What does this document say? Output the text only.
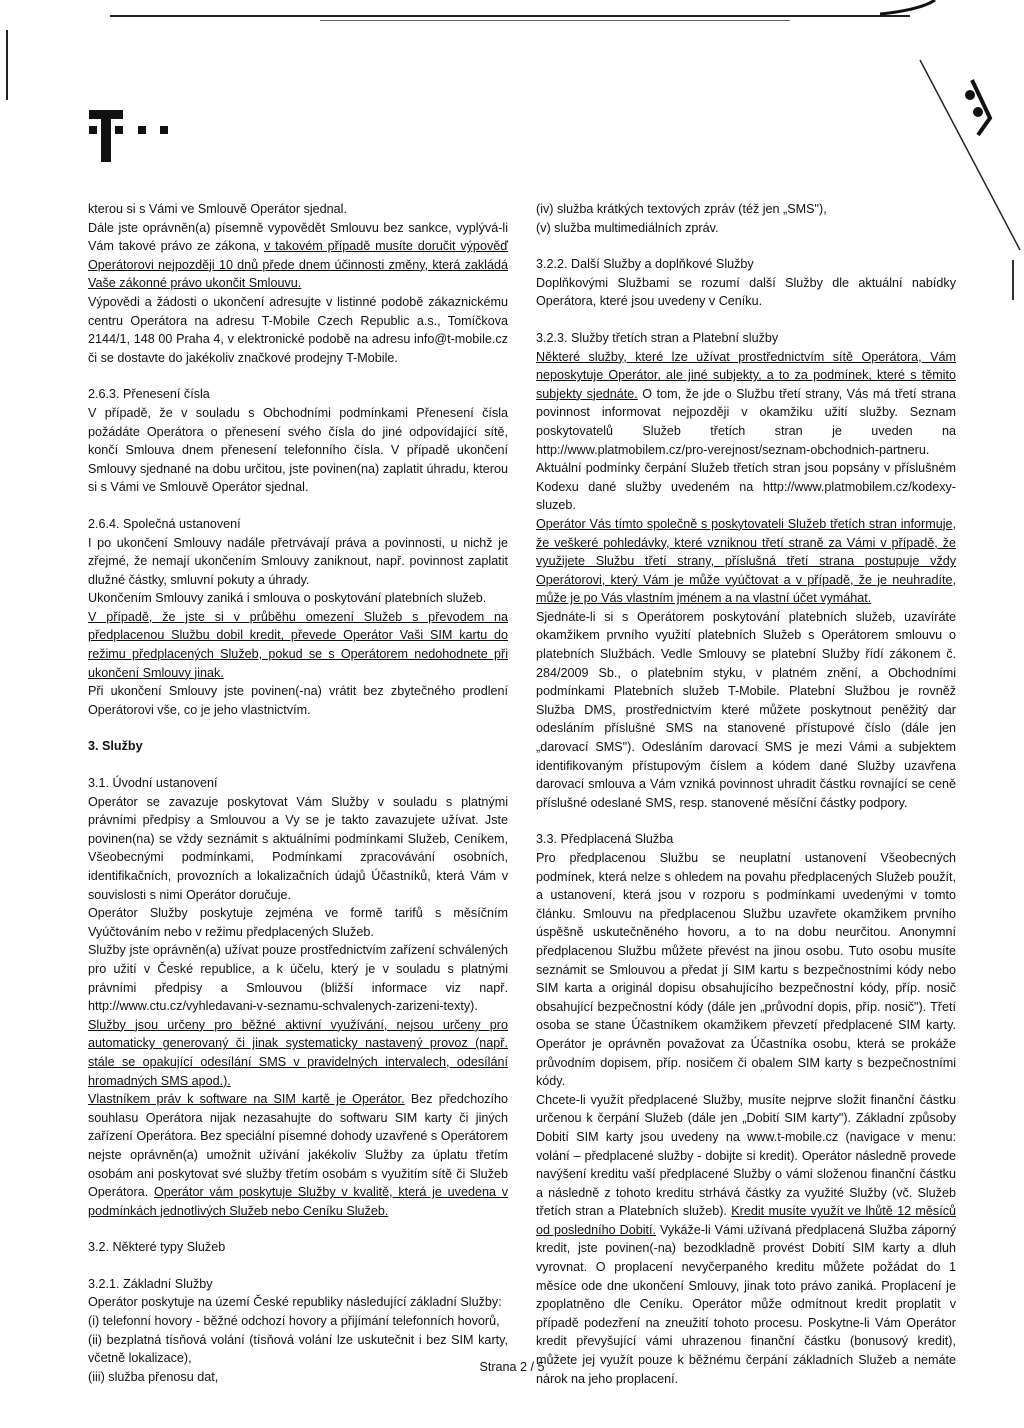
kterou si s Vámi ve Smlouvě Operátor sjednal.

Dále jste oprávněn(a) písemně vypovědět Smlouvu bez sankce, vyplývá-li Vám takové právo ze zákona, v takovém případě musíte doručit výpověď Operátorovi nejpozději 10 dnů přede dnem účinnosti změny, která zakládá Vaše zákonné právo ukončit Smlouvu.

Výpovědi a žádosti o ukončení adresujte v listinné podobě zákaznickému centru Operátora na adresu T-Mobile Czech Republic a.s., Tomíčkova 2144/1, 148 00 Praha 4, v elektronické podobě na adresu info@t-mobile.cz či se dostavte do jakékoliv značkové prodejny T-Mobile.

2.6.3. Přenesení čísla

V případě, že v souladu s Obchodními podmínkami Přenesení čísla požádáte Operátora o přenesení svého čísla do jiné odpovídající sítě, končí Smlouva dnem přenesení telefonního čísla. V případě ukončení Smlouvy sjednané na dobu určitou, jste povinen(na) zaplatit úhradu, kterou si s Vámi ve Smlouvě Operátor sjednal.

2.6.4. Společná ustanovení

I po ukončení Smlouvy nadále přetrvávají práva a povinnosti, u nichž je zřejmé, že nemají ukončením Smlouvy zaniknout, např. povinnost zaplatit dlužné částky, smluvní pokuty a úhrady.

Ukončením Smlouvy zaniká i smlouva o poskytování platebních služeb.

V případě, že jste si v průběhu omezení Služeb s převodem na předplacenou Službu dobil kredit, převede Operátor Vaši SIM kartu do režimu předplacených Služeb, pokud se s Operátorem nedohodnete při ukončení Smlouvy jinak.

Při ukončení Smlouvy jste povinen(-na) vrátit bez zbytečného prodlení Operátorovi vše, co je jeho vlastnictvím.

3. Služby

3.1. Úvodní ustanovení

Operátor se zavazuje poskytovat Vám Služby v souladu s platnými právními předpisy a Smlouvou a Vy se je takto zavazujete užívat. Jste povinen(na) se vždy seznámit s aktuálními podmínkami Služeb, Ceníkem, Všeobecnými podmínkami, Podmínkami zpracovávání osobních, identifikačních, provozních a lokalizačních údajů Účastníků, která Vám v souvislosti s nimi Operátor doručuje.

Operátor Služby poskytuje zejména ve formě tarifů s měsíčním Vyúčtováním nebo v režimu předplacených Služeb.

Služby jste oprávněn(a) užívat pouze prostřednictvím zařízení schválených pro užití v České republice, a k účelu, který je v souladu s platnými právními předpisy a Smlouvou (bližší informace viz např. http://www.ctu.cz/vyhledavani-v-seznamu-schvalenych-zarizeni-texty). Služby jsou určeny pro běžné aktivní využívání, nejsou určeny pro automaticky generovaný či jinak systematicky nastavený provoz (např. stále se opakující odesílání SMS v pravidelných intervalech, odesílání hromadných SMS apod.).

Vlastníkem práv k software na SIM kartě je Operátor. Bez předchozího souhlasu Operátora nijak nezasahujte do softwaru SIM karty či jiných zařízení Operátora. Bez speciální písemné dohody uzavřené s Operátorem nejste oprávněn(a) umožnit užívání jakékoliv Služby za úplatu třetím osobám ani poskytovat své služby třetím osobám s využitím sítě či Služeb Operátora. Operátor vám poskytuje Služby v kvalitě, která je uvedena v podmínkách jednotlivých Služeb nebo Ceníku Služeb.

3.2. Některé typy Služeb

3.2.1. Základní Služby

Operátor poskytuje na území České republiky následující základní Služby:

(i) telefonní hovory - běžné odchozí hovory a přijímání telefonních hovorů,

(ii) bezplatná tísňová volání (tísňová volání lze uskutečnit i bez SIM karty, včetně lokalizace),

(iii) služba přenosu dat,

(iv) služba krátkých textových zpráv (též jen „SMS"),

(v) služba multimediálních zpráv.

3.2.2. Další Služby a doplňkové Služby

Doplňkovými Službami se rozumí další Služby dle aktuální nabídky Operátora, které jsou uvedeny v Ceníku.

3.2.3. Služby třetích stran a Platební služby

Některé služby, které lze užívat prostřednictvím sítě Operátora, Vám neposkytuje Operátor, ale jiné subjekty, a to za podmínek, které s těmito subjekty sjednáte. O tom, že jde o Službu třetí strany, Vás má třetí strana povinnost informovat nejpozději v okamžiku užití služby. Seznam poskytovatelů Služeb třetích stran je uveden na http://www.platmobilem.cz/pro-verejnost/seznam-obchodnich-partneru. Aktuální podmínky čerpání Služeb třetích stran jsou popsány v příslušném Kodexu dané služby uvedeném na http://www.platmobilem.cz/kodexy-sluzeb.

Operátor Vás tímto společně s poskytovateli Služeb třetích stran informuje, že veškeré pohledávky, které vzniknou třetí straně za Vámi v případě, že využijete Službu třetí strany, příslušná třetí strana postupuje vždy Operátorovi, který Vám je může vyúčtovat a v případě, že je neuhradíte, může je po Vás vlastním jménem a na vlastní účet vymáhat.

Sjednáte-li si s Operátorem poskytování platebních služeb, uzavíráte okamžikem prvního využití platebních Služeb s Operátorem smlouvu o platebních Službách. Vedle Smlouvy se platební Služby řídí zákonem č. 284/2009 Sb., o platebním styku, v platném znění, a Obchodními podmínkami Platebních služeb T-Mobile. Platební Službou je rovněž Služba DMS, prostřednictvím které můžete poskytnout peněžitý dar odesláním příslušné SMS na stanovené přístupové číslo (dále jen „darovací SMS"). Odesláním darovací SMS je mezi Vámi a subjektem identifikovaným přístupovým číslem a kódem dané Služby uzavřena darovací smlouva a Vám vzniká povinnost uhradit částku rovnající se ceně příslušné odeslané SMS, resp. stanovené měsíční částky podpory.

3.3. Předplacená Služba

Pro předplacenou Službu se neuplatní ustanovení Všeobecných podmínek, která nelze s ohledem na povahu předplacených Služeb použít, a ustanovení, která jsou v rozporu s podmínkami uvedenými v tomto článku. Smlouvu na předplacenou Službu uzavřete okamžikem prvního úspěšně uskutečněného hovoru, a to na dobu neurčitou. Anonymní předplacenou Službu můžete převést na jinou osobu. Tuto osobu musíte seznámit se Smlouvou a předat jí SIM kartu s bezpečnostními kódy nebo SIM karta a originál dopisu obsahujícího bezpečnostní kódy, příp. nosič obsahující bezpečnostní kódy (dále jen „průvodní dopis, příp. nosič"). Třetí osoba se stane Účastníkem okamžikem převzetí předplacené SIM karty. Operátor je oprávněn považovat za Účastníka osobu, která se prokáže průvodním dopisem, příp. nosičem či obalem SIM karty s bezpečnostními kódy.

Chcete-li využít předplacené Služby, musíte nejprve složit finanční částku určenou k čerpání Služeb (dále jen „Dobití SIM karty"). Základní způsoby Dobití SIM karty jsou uvedeny na www.t-mobile.cz (navigace v menu: volání – předplacené služby - dobijte si kredit). Operátor následně provede navýšení kreditu vaší předplacené Služby o vámi složenou finanční částku a následně z tohoto kreditu strhává částky za využité Služby (vč. Služeb třetích stran a Platebních služeb). Kredit musíte využít ve lhůtě 12 měsíců od posledního Dobití. Vykáže-li Vámi užívaná předplacená Služba záporný kredit, jste povinen(-na) bezodkladně provést Dobití SIM karty a dluh vyrovnat. O proplacení nevyčerpaného kreditu můžete požádat do 1 měsíce ode dne ukončení Smlouvy, jinak toto právo zaniká. Proplacení je zpoplatněno dle Ceníku. Operátor může odmítnout kredit proplatit v případě podezření na zneužití tohoto procesu. Poskytne-li Vám Operátor kredit převyšující vámi uhrazenou finanční částku (bonusový kredit), můžete jej využít pouze k běžnému čerpání základních Služeb a nemáte nárok na jeho proplacení.

Strana 2 / 5
